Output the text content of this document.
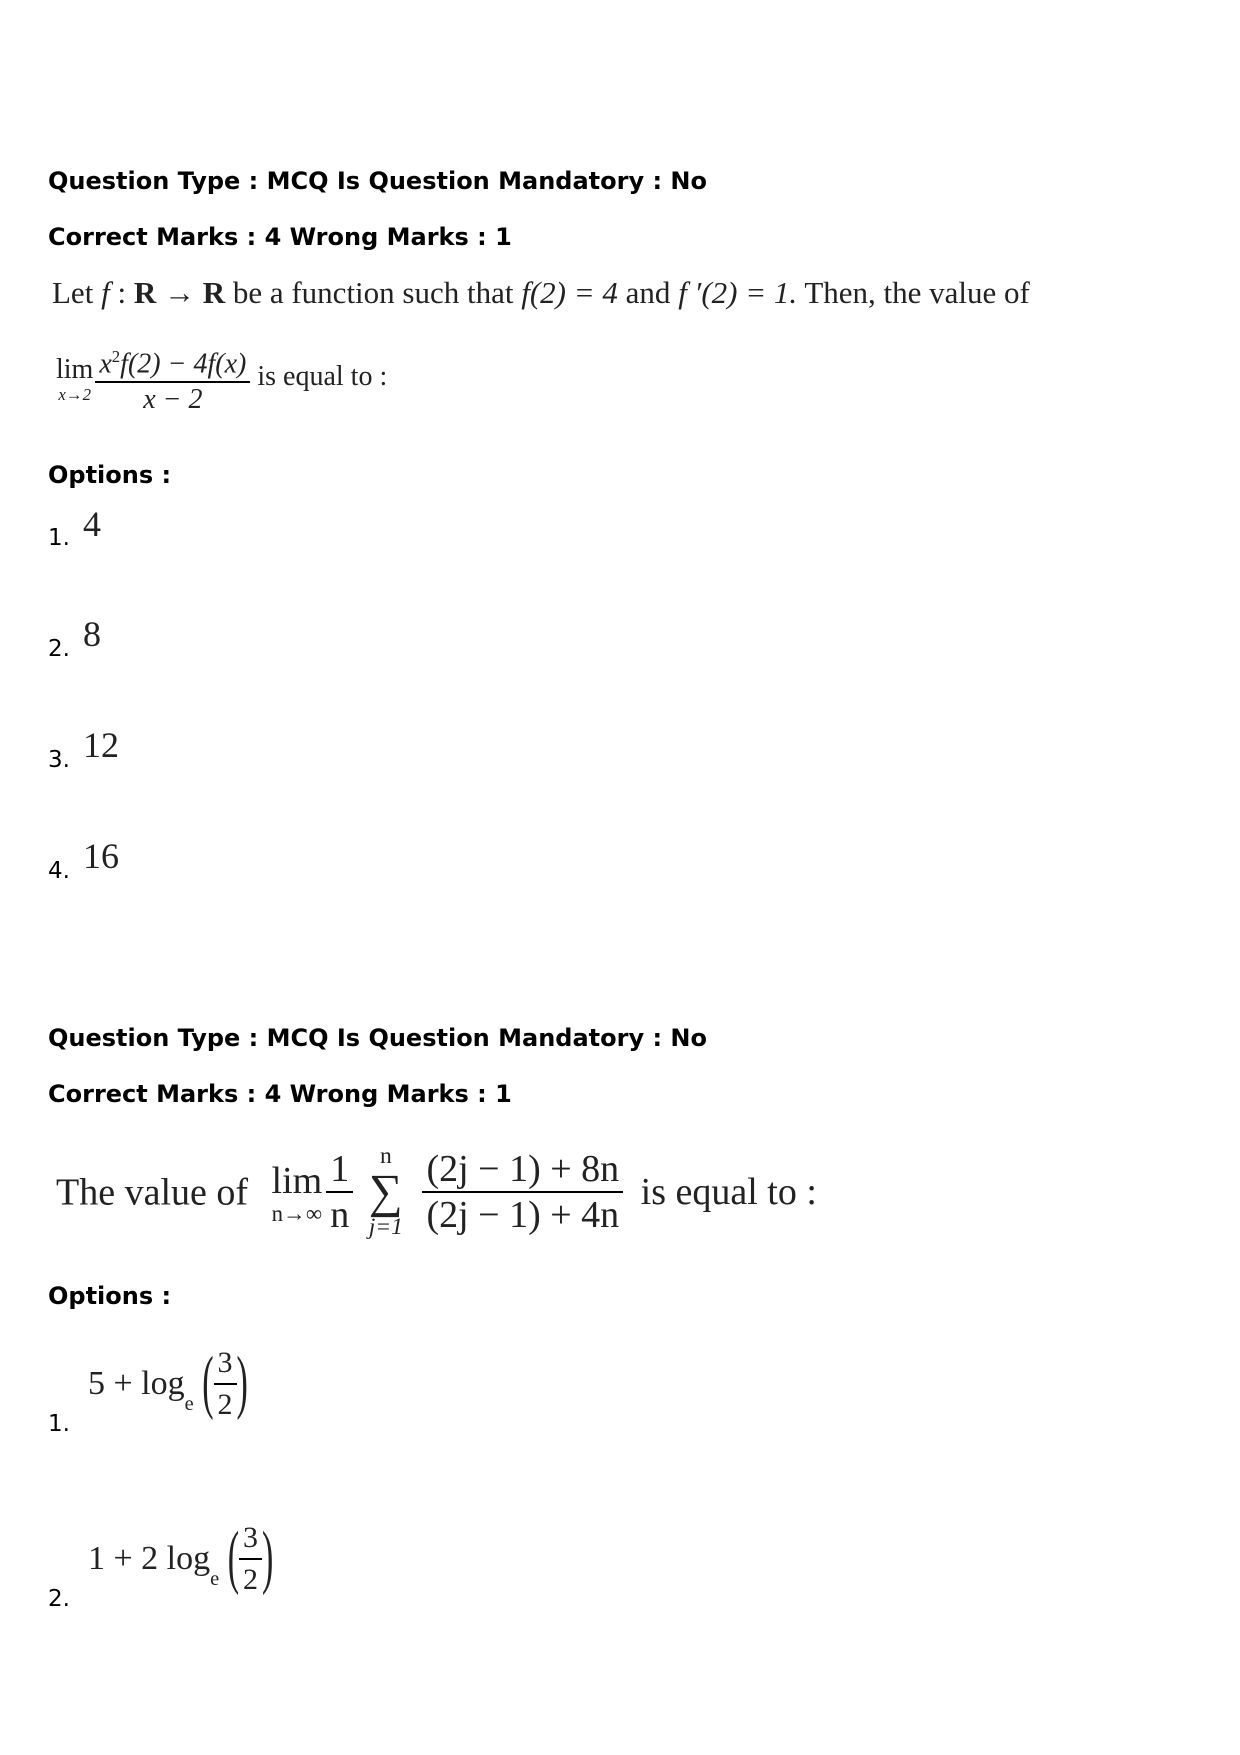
Question Type : MCQ Is Question Mandatory : No
Correct Marks : 4 Wrong Marks : 1
Let f : R → R be a function such that f(2) = 4 and f ′(2) = 1. Then, the value of
lim
$x\to 2 \frac{x^2f(2) - 4f(x)}{x - 2}$ is equal to :
Options :
1. 4
2. 8
3. 12
4. 16
Question Type : MCQ Is Question Mandatory : No
Correct Marks : 4 Wrong Marks : 1
The value of lim
$n\to\infty \frac{1}{n}$
	n
∑
j=1
$\frac{(2j - 1) + 8n}{(2j - 1) + 4n}$ is equal to :
Options :
1.
$5 + \log_e$ ( $\frac{3}{2}$ )
2.
1 + 2 $\log_e$ ( $\frac{3}{2}$ )
